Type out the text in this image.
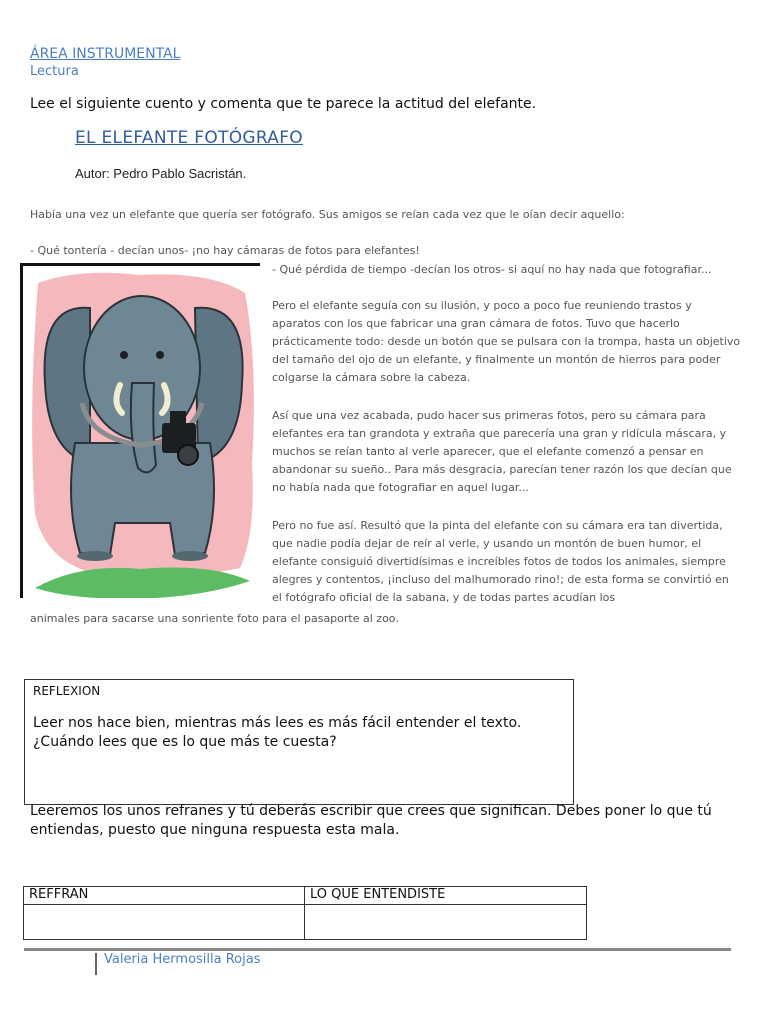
ÁREA INSTRUMENTAL
Lectura
Lee el siguiente cuento y comenta que te parece la actitud del elefante.
EL ELEFANTE FOTÓGRAFO
Autor: Pedro Pablo Sacristán.
Había una vez un elefante que quería ser fotógrafo. Sus amigos se reían cada vez que le oían decir aquello:
- Qué tontería - decían unos- ¡no hay cámaras de fotos para elefantes!
- Qué pérdida de tiempo -decían los otros- si aquí no hay nada que fotografiar...
Pero el elefante seguía con su ilusión, y poco a poco fue reuniendo trastos y aparatos con los que fabricar una gran cámara de fotos. Tuvo que hacerlo prácticamente todo: desde un botón que se pulsara con la trompa, hasta un objetivo del tamaño del ojo de un elefante, y finalmente un montón de hierros para poder colgarse la cámara sobre la cabeza.
Así que una vez acabada, pudo hacer sus primeras fotos, pero su cámara para elefantes era tan grandota y extraña que parecería una gran y ridícula máscara, y muchos se reían tanto al verle aparecer, que el elefante comenzó a pensar en abandonar su sueño.. Para más desgracia, parecían tener razón los que decían que no había nada que fotografiar en aquel lugar...
Pero no fue así. Resultó que la pinta del elefante con su cámara era tan divertida, que nadie podía dejar de reír al verle, y usando un montón de buen humor, el elefante consiguió divertidísimas e increíbles fotos de todos los animales, siempre alegres y contentos, ¡incluso del malhumorado rino!; de esta forma se convirtió en el fotógrafo oficial de la sabana, y de todas partes acudían los
animales para sacarse una sonriente foto para el pasaporte al zoo.
REFLEXION
Leer nos hace bien, mientras más lees es más fácil entender el texto.
¿Cuándo lees que es lo que más te cuesta?
Leeremos los unos refranes y tú deberás escribir que crees que significan. Debes poner lo que tú entiendas, puesto que ninguna respuesta esta mala.
REFFRAN	LO QUE ENTENDISTE

Valeria Hermosilla Rojas
